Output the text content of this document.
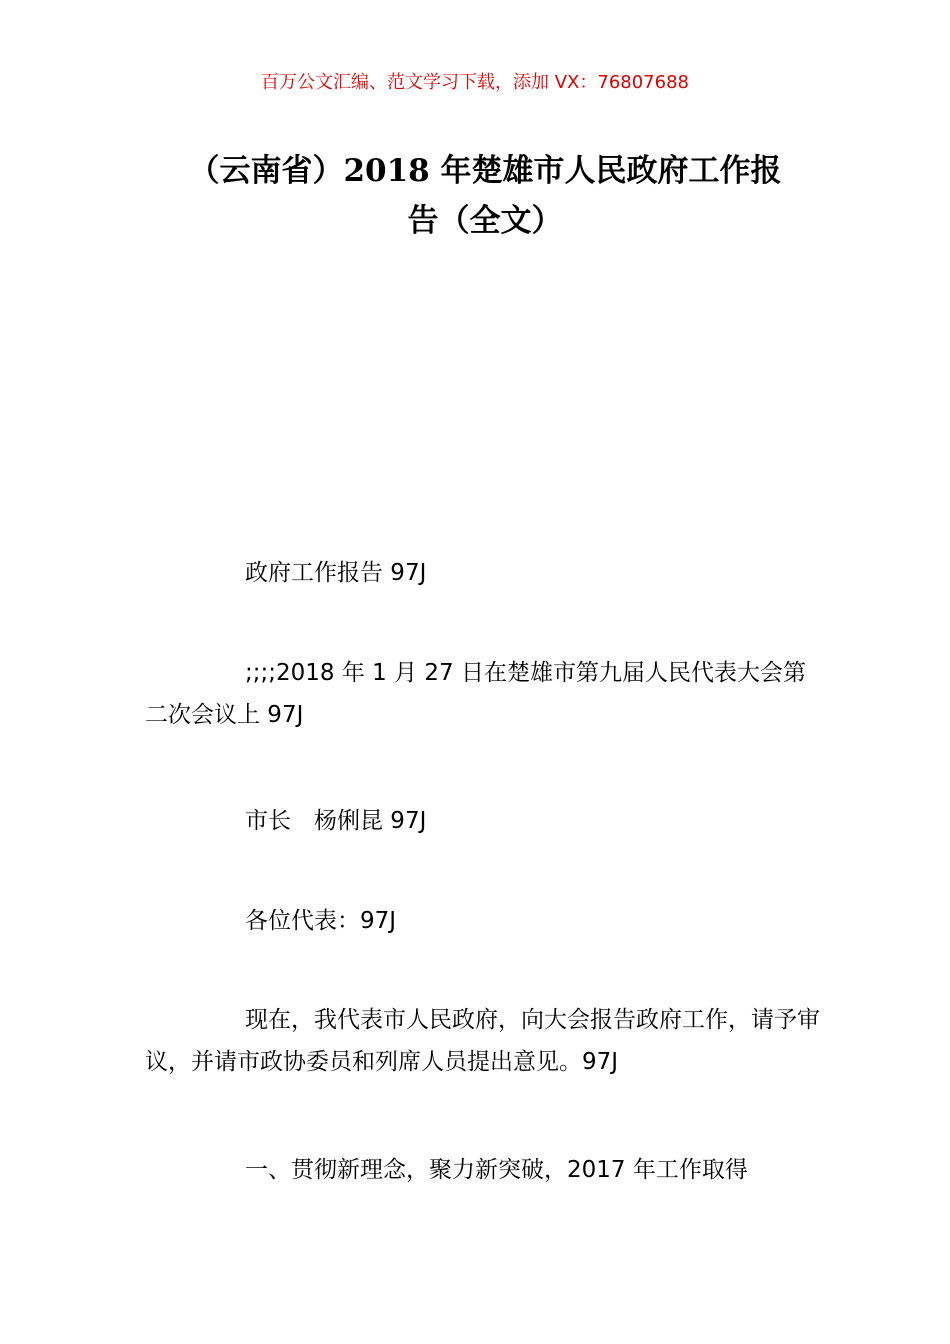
百万公文汇编、范文学习下载，添加 VX：76807688
（云南省）2018 年楚雄市人民政府工作报
告（全文）

政府工作报告 97J

;;;;2018 年 1 月 27 日在楚雄市第九届人民代表大会第二次会议上 97J

市长　杨俐昆 97J

各位代表：97J

现在，我代表市人民政府，向大会报告政府工作，请予审议，并请市政协委员和列席人员提出意见。97J

一、贯彻新理念，聚力新突破，2017 年工作取得
